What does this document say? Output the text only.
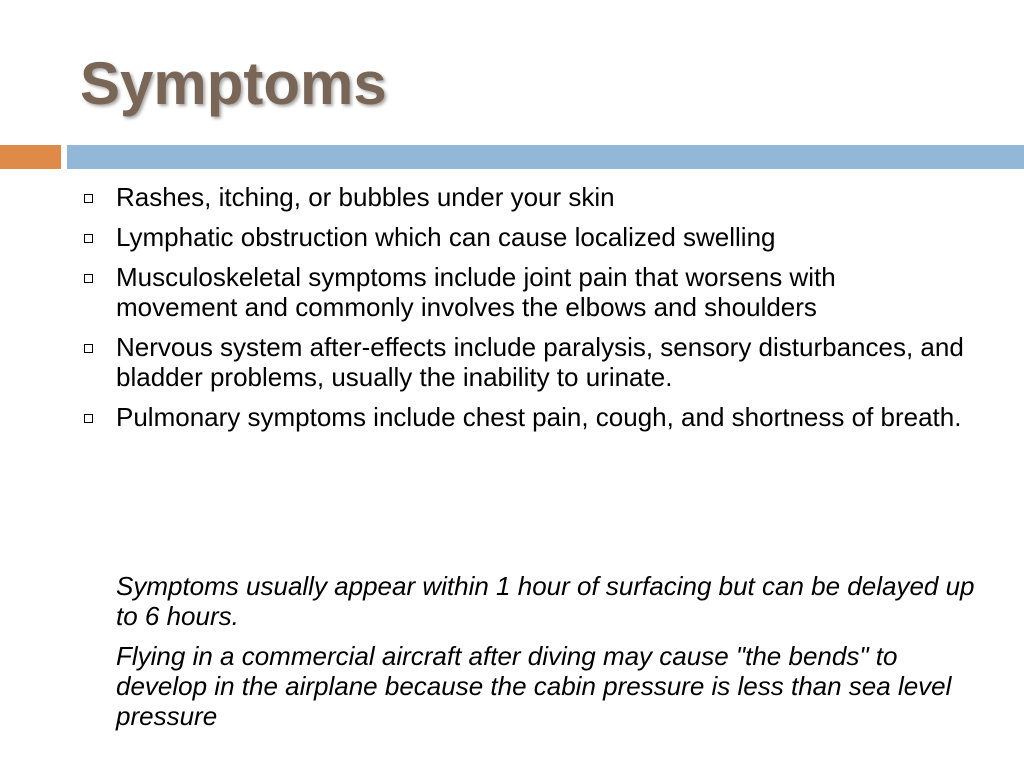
Symptoms
Rashes, itching, or bubbles under your skin
Lymphatic obstruction which can cause localized swelling
Musculoskeletal symptoms include joint pain that worsens with movement and commonly involves the elbows and shoulders
Nervous system after-effects include paralysis, sensory disturbances, and bladder problems, usually the inability to urinate.
Pulmonary symptoms include chest pain, cough, and shortness of breath.

Symptoms usually appear within 1 hour of surfacing but can be delayed up to 6 hours.

Flying in a commercial aircraft after diving may cause "the bends" to develop in the airplane because the cabin pressure is less than sea level pressure
